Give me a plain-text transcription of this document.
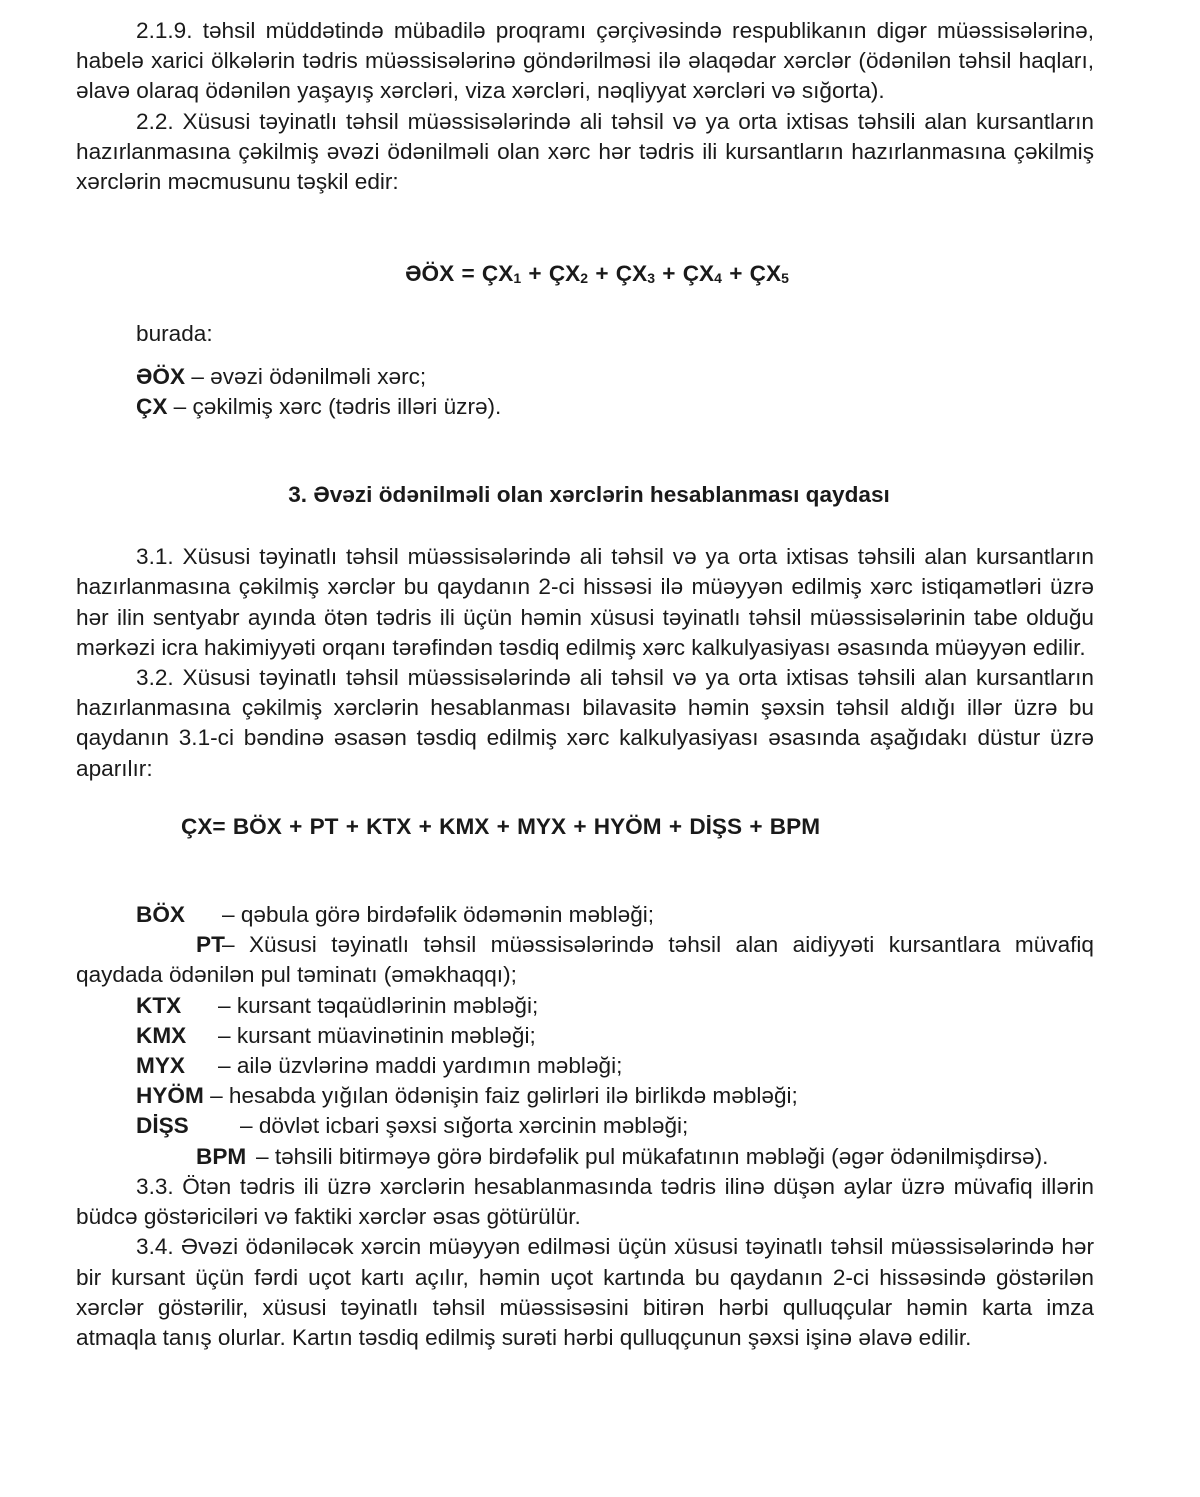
2.1.9. təhsil müddətində mübadilə proqramı çərçivəsində respublikanın digər müəssisələrinə, habelə xarici ölkələrin tədris müəssisələrinə göndərilməsi ilə əlaqədar xərclər (ödənilən təhsil haqları, əlavə olaraq ödənilən yaşayış xərcləri, viza xərcləri, nəqliyyat xərcləri və sığorta).

2.2. Xüsusi təyinatlı təhsil müəssisələrində ali təhsil və ya orta ixtisas təhsili alan kursantların hazırlanmasına çəkilmiş əvəzi ödənilməli olan xərc hər tədris ili kursantların hazırlanmasına çəkilmiş xərclərin məcmusunu təşkil edir:

ƏÖX = $ÇX_1$ + $ÇX_2$ + $ÇX_3$ + $ÇX_4$ + $ÇX_5$

burada:

ƏÖX – əvəzi ödənilməli xərc;

ÇX – çəkilmiş xərc (tədris illəri üzrə).

3. Əvəzi ödənilməli olan xərclərin hesablanması qaydası

3.1. Xüsusi təyinatlı təhsil müəssisələrində ali təhsil və ya orta ixtisas təhsili alan kursantların hazırlanmasına çəkilmiş xərclər bu qaydanın 2-ci hissəsi ilə müəyyən edilmiş xərc istiqamətləri üzrə hər ilin sentyabr ayında ötən tədris ili üçün həmin xüsusi təyinatlı təhsil müəssisələrinin tabe olduğu mərkəzi icra hakimiyyəti orqanı tərəfindən təsdiq edilmiş xərc kalkulyasiyası əsasında müəyyən edilir.

3.2. Xüsusi təyinatlı təhsil müəssisələrində ali təhsil və ya orta ixtisas təhsili alan kursantların hazırlanmasına çəkilmiş xərclərin hesablanması bilavasitə həmin şəxsin təhsil aldığı illər üzrə bu qaydanın 3.1-ci bəndinə əsasən təsdiq edilmiş xərc kalkulyasiyası əsasında aşağıdakı düstur üzrə aparılır:

ÇX= BÖX + PT + KTX + KMX + MYX + HYÖM + DİŞS + BPM

BÖX – qəbula görə birdəfəlik ödəmənin məbləği;

PT– Xüsusi təyinatlı təhsil müəssisələrində təhsil alan aidiyyəti kursantlara müvafiq qaydada ödənilən pul təminatı (əməkhaqqı);

KTX – kursant təqaüdlərinin məbləği;

KMX – kursant müavinətinin məbləği;

MYX – ailə üzvlərinə maddi yardımın məbləği;

HYÖM – hesabda yığılan ödənişin faiz gəlirləri ilə birlikdə məbləği;

DİŞS – dövlət icbari şəxsi sığorta xərcinin məbləği;

BPM – təhsili bitirməyə görə birdəfəlik pul mükafatının məbləği (əgər ödənilmişdirsə).

3.3. Ötən tədris ili üzrə xərclərin hesablanmasında tədris ilinə düşən aylar üzrə müvafiq illərin büdcə göstəriciləri və faktiki xərclər əsas götürülür.

3.4. Əvəzi ödəniləcək xərcin müəyyən edilməsi üçün xüsusi təyinatlı təhsil müəssisələrində hər bir kursant üçün fərdi uçot kartı açılır, həmin uçot kartında bu qaydanın 2-ci hissəsində göstərilən xərclər göstərilir, xüsusi təyinatlı təhsil müəssisəsini bitirən hərbi qulluqçular həmin karta imza atmaqla tanış olurlar. Kartın təsdiq edilmiş surəti hərbi qulluqçunun şəxsi işinə əlavə edilir.
